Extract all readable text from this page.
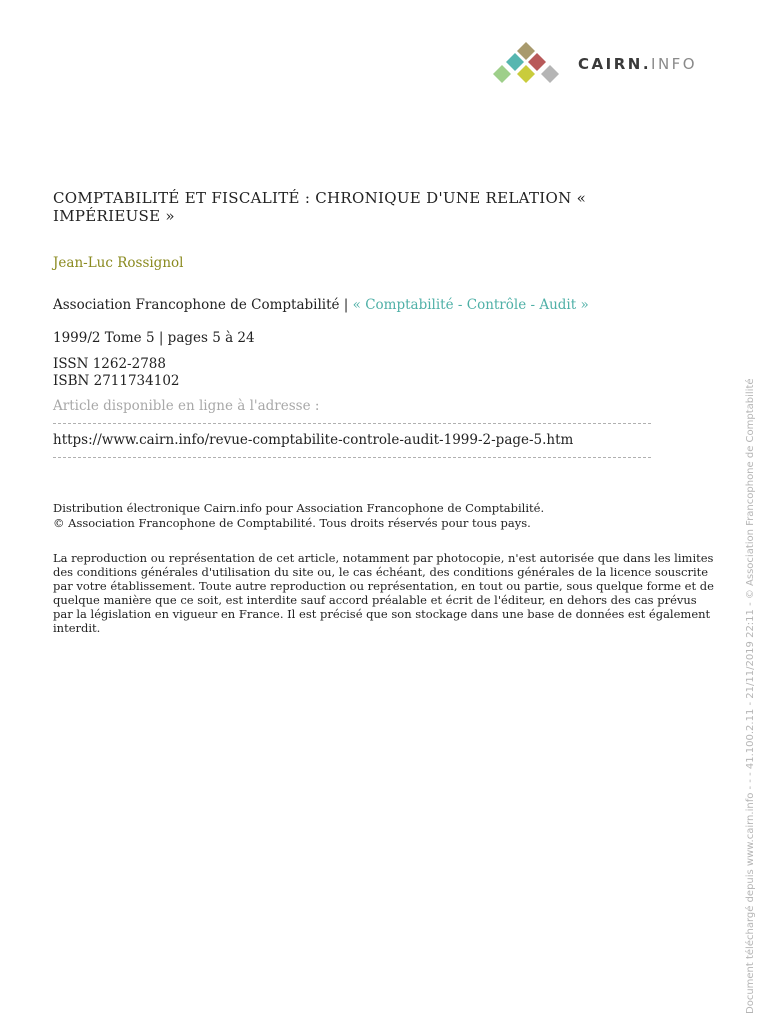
CAIRN.INFO
COMPTABILITÉ ET FISCALITÉ : CHRONIQUE D'UNE RELATION « IMPÉRIEUSE »
Jean-Luc Rossignol
Association Francophone de Comptabilité | « Comptabilité - Contrôle - Audit »
1999/2 Tome 5 | pages 5 à 24
ISSN 1262-2788
ISBN 2711734102
Article disponible en ligne à l'adresse :
https://www.cairn.info/revue-comptabilite-controle-audit-1999-2-page-5.htm
Distribution électronique Cairn.info pour Association Francophone de Comptabilité.
© Association Francophone de Comptabilité. Tous droits réservés pour tous pays.

La reproduction ou représentation de cet article, notamment par photocopie, n'est autorisée que dans les limites des conditions générales d'utilisation du site ou, le cas échéant, des conditions générales de la licence souscrite par votre établissement. Toute autre reproduction ou représentation, en tout ou partie, sous quelque forme et de quelque manière que ce soit, est interdite sauf accord préalable et écrit de l'éditeur, en dehors des cas prévus par la législation en vigueur en France. Il est précisé que son stockage dans une base de données est également interdit.	Document téléchargé depuis www.cairn.info - - - 41.100.2.11 - 21/11/2019 22:11 - © Association Francophone de Comptabilité
